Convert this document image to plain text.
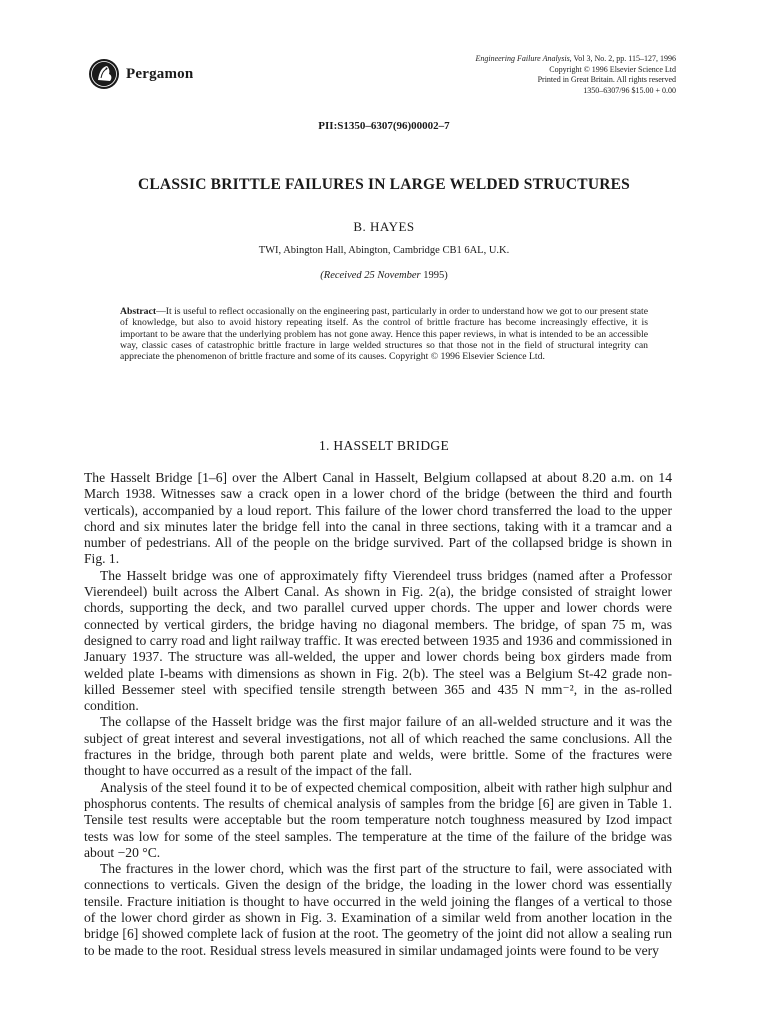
Pergamon
Engineering Failure Analysis, Vol 3, No. 2, pp. 115–127, 1996
Copyright © 1996 Elsevier Science Ltd
Printed in Great Britain. All rights reserved
1350–6307/96 $15.00 + 0.00
PII:S1350–6307(96)00002–7
CLASSIC BRITTLE FAILURES IN LARGE WELDED STRUCTURES
B. HAYES
TWI, Abington Hall, Abington, Cambridge CB1 6AL, U.K.
(Received 25 November 1995)
Abstract—It is useful to reflect occasionally on the engineering past, particularly in order to understand how we got to our present state of knowledge, but also to avoid history repeating itself. As the control of brittle fracture has become increasingly effective, it is important to be aware that the underlying problem has not gone away. Hence this paper reviews, in what is intended to be an accessible way, classic cases of catastrophic brittle fracture in large welded structures so that those not in the field of structural integrity can appreciate the phenomenon of brittle fracture and some of its causes. Copyright © 1996 Elsevier Science Ltd.
1. HASSELT BRIDGE

The Hasselt Bridge [1–6] over the Albert Canal in Hasselt, Belgium collapsed at about 8.20 a.m. on 14 March 1938. Witnesses saw a crack open in a lower chord of the bridge (between the third and fourth verticals), accompanied by a loud report. This failure of the lower chord transferred the load to the upper chord and six minutes later the bridge fell into the canal in three sections, taking with it a tramcar and a number of pedestrians. All of the people on the bridge survived. Part of the collapsed bridge is shown in Fig. 1.

The Hasselt bridge was one of approximately fifty Vierendeel truss bridges (named after a Professor Vierendeel) built across the Albert Canal. As shown in Fig. 2(a), the bridge consisted of straight lower chords, supporting the deck, and two parallel curved upper chords. The upper and lower chords were connected by vertical girders, the bridge having no diagonal members. The bridge, of span 75 m, was designed to carry road and light railway traffic. It was erected between 1935 and 1936 and commissioned in January 1937. The structure was all-welded, the upper and lower chords being box girders made from welded plate I-beams with dimensions as shown in Fig. 2(b). The steel was a Belgium St-42 grade non-killed Bessemer steel with specified tensile strength between 365 and 435 N mm⁻², in the as-rolled condition.

The collapse of the Hasselt bridge was the first major failure of an all-welded structure and it was the subject of great interest and several investigations, not all of which reached the same conclusions. All the fractures in the bridge, through both parent plate and welds, were brittle. Some of the fractures were thought to have occurred as a result of the impact of the fall.

Analysis of the steel found it to be of expected chemical composition, albeit with rather high sulphur and phosphorus contents. The results of chemical analysis of samples from the bridge [6] are given in Table 1. Tensile test results were acceptable but the room temperature notch toughness measured by Izod impact tests was low for some of the steel samples. The temperature at the time of the failure of the bridge was about −20 °C.

The fractures in the lower chord, which was the first part of the structure to fail, were associated with connections to verticals. Given the design of the bridge, the loading in the lower chord was essentially tensile. Fracture initiation is thought to have occurred in the weld joining the flanges of a vertical to those of the lower chord girder as shown in Fig. 3. Examination of a similar weld from another location in the bridge [6] showed complete lack of fusion at the root. The geometry of the joint did not allow a sealing run to be made to the root. Residual stress levels measured in similar undamaged joints were found to be very
